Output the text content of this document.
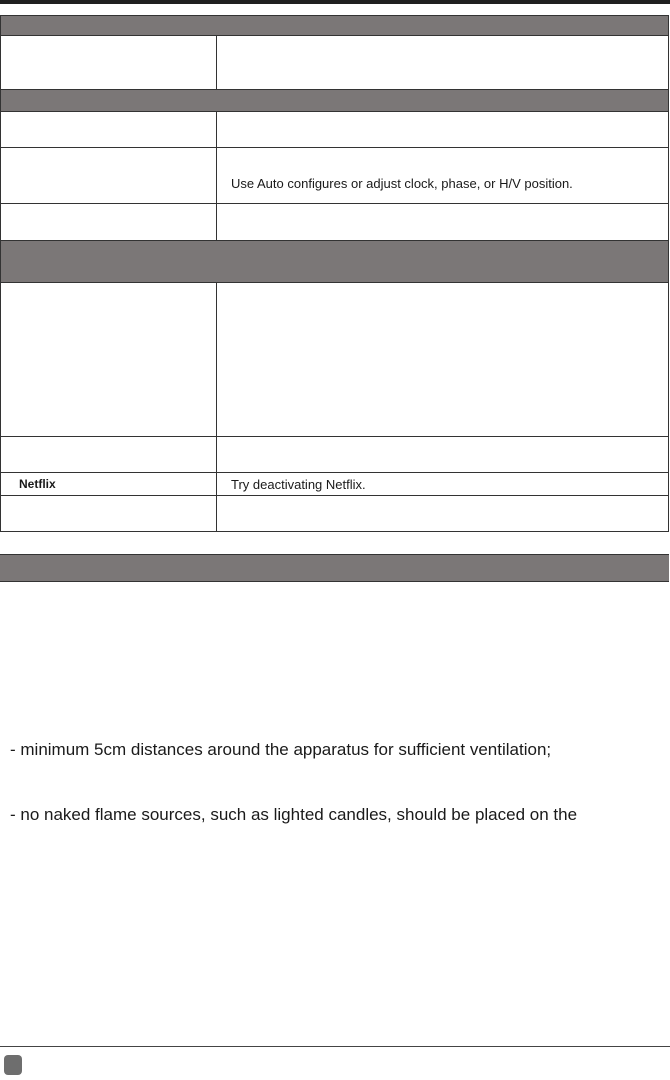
Use Auto configures or adjust clock, phase, or H/V position.
Netflix	Try deactivating Netflix.
- minimum 5cm distances around the apparatus for sufficient ventilation;
- no naked flame sources, such as lighted candles, should be placed on the
